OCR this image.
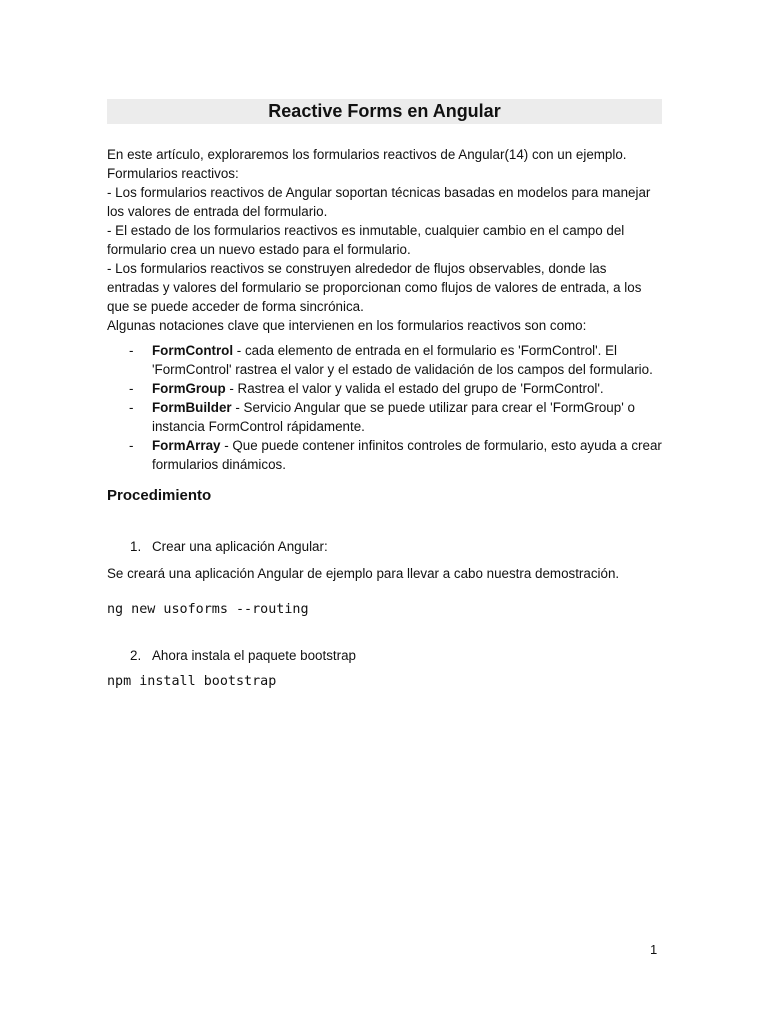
Reactive Forms en Angular

En este artículo, exploraremos los formularios reactivos de Angular(14) con un ejemplo.

Formularios reactivos:

- Los formularios reactivos de Angular soportan técnicas basadas en modelos para manejar los valores de entrada del formulario.

- El estado de los formularios reactivos es inmutable, cualquier cambio en el campo del formulario crea un nuevo estado para el formulario.

- Los formularios reactivos se construyen alrededor de flujos observables, donde las entradas y valores del formulario se proporcionan como flujos de valores de entrada, a los que se puede acceder de forma sincrónica.

Algunas notaciones clave que intervienen en los formularios reactivos son como:

- FormControl - cada elemento de entrada en el formulario es 'FormControl'. El 'FormControl' rastrea el valor y el estado de validación de los campos del formulario.
- FormGroup - Rastrea el valor y valida el estado del grupo de 'FormControl'.
- FormBuilder - Servicio Angular que se puede utilizar para crear el 'FormGroup' o instancia FormControl rápidamente.
- FormArray - Que puede contener infinitos controles de formulario, esto ayuda a crear formularios dinámicos.
Procedimiento
1. Crear una aplicación Angular:
Se creará una aplicación Angular de ejemplo para llevar a cabo nuestra demostración.
ng new usoforms --routing
2. Ahora instala el paquete bootstrap
npm install bootstrap
1
